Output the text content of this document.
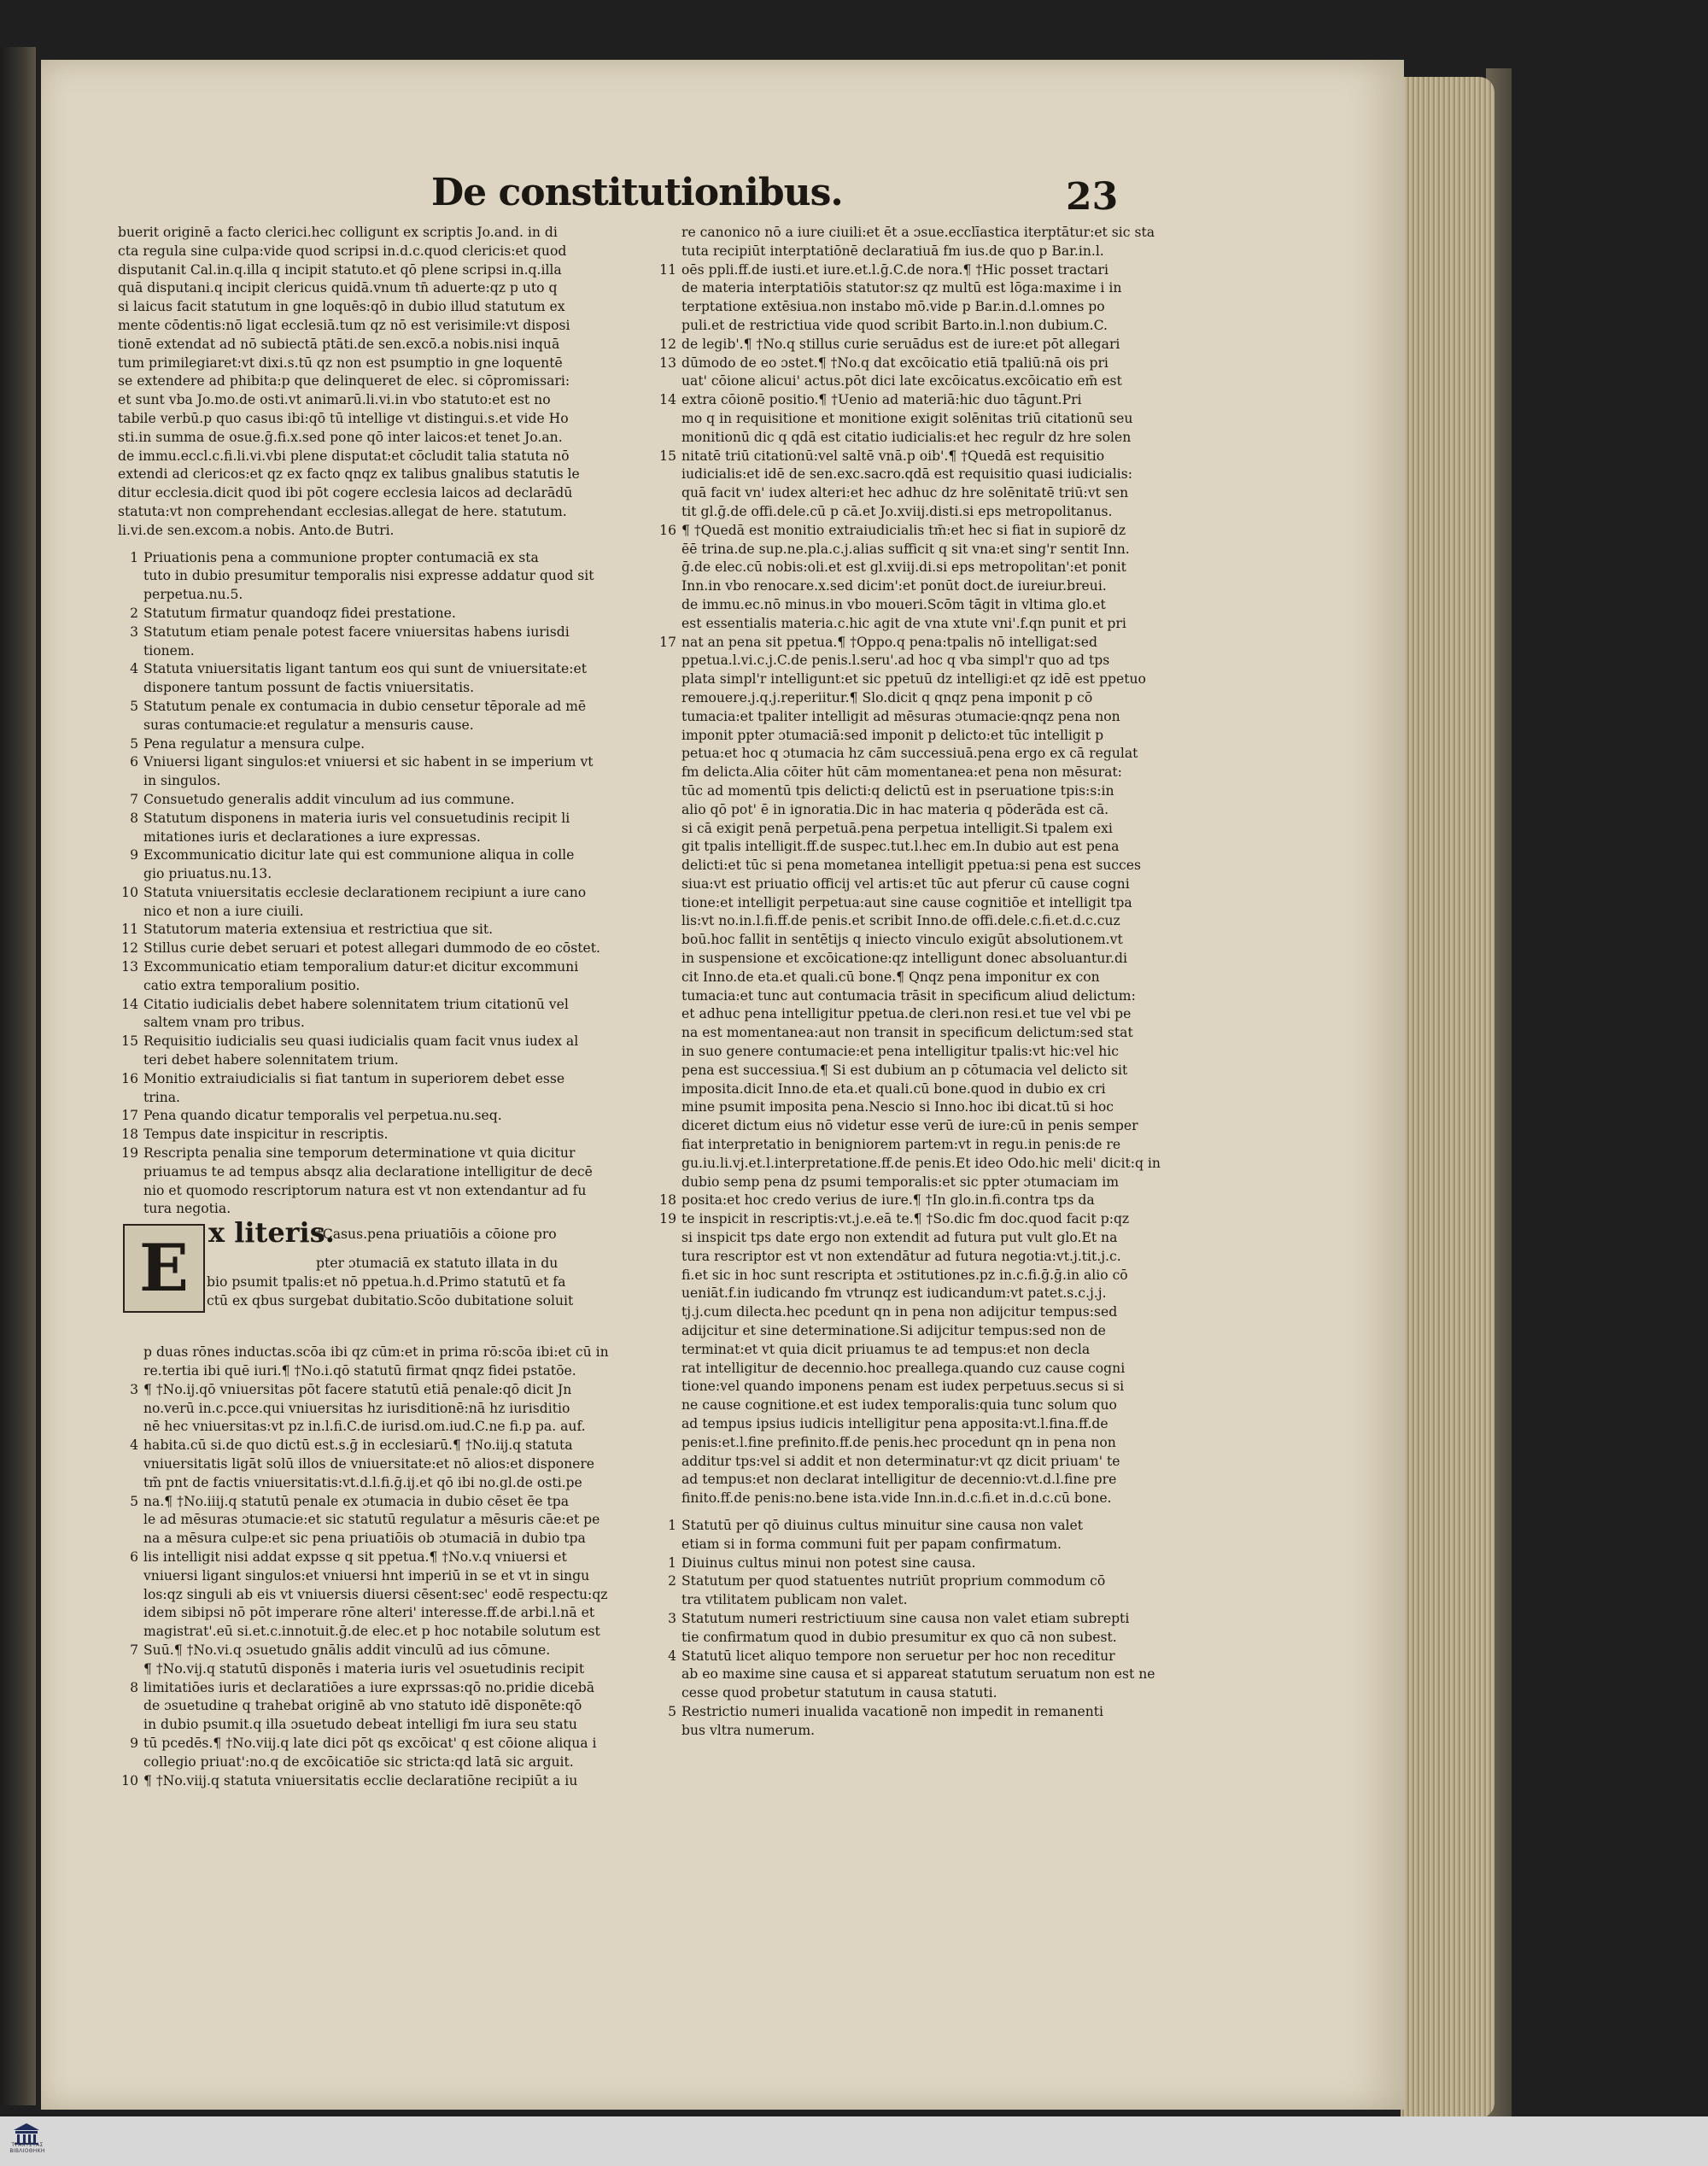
De constitutionibus.	23
buerit originē a facto clerici.hec colligunt ex scriptis Jo.and. in di
cta regula sine culpa:vide quod scripsi in.d.c.quod clericis:et quod
disputanit Cal.in.q.illa q incipit statuto.et qō plene scripsi in.q.illa
quā disputani.q incipit clericus quidā.vnum tn̄ aduerte:qz p uto q
si laicus facit statutum in gne loquēs:qō in dubio illud statutum ex
mente cōdentis:nō ligat ecclesiā.tum qz nō est verisimile:vt disposi
tionē extendat ad nō subiectā ptāti.de sen.excō.a nobis.nisi inquā
tum primilegiaret:vt dixi.s.tū qz non est psumptio in gne loquentē
se extendere ad phibita:p que delinqueret de elec. si cōpromissari:
et sunt vba Jo.mo.de osti.vt animarū.li.vi.in vbo statuto:et est no
tabile verbū.p quo casus ibi:qō tū intellige vt distingui.s.et vide Ho
sti.in summa de osue.ḡ.fi.x.sed pone qō inter laicos:et tenet Jo.an.
de immu.eccl.c.fi.li.vi.vbi plene disputat:et cōcludit talia statuta nō
extendi ad clericos:et qz ex facto qnqz ex talibus gnalibus statutis le
ditur ecclesia.dicit quod ibi pōt cogere ecclesia laicos ad declarādū
statuta:vt non comprehendant ecclesias.allegat de here. statutum.
li.vi.de sen.excom.a nobis. Anto.de Butri.
1 Priuationis pena a communione propter contumaciā ex sta
tuto in dubio presumitur temporalis nisi expresse addatur quod sit
perpetua.nu.5.
2 Statutum firmatur quandoqz fidei prestatione.
3 Statutum etiam penale potest facere vniuersitas habens iurisdi
tionem.
4 Statuta vniuersitatis ligant tantum eos qui sunt de vniuersitate:et
disponere tantum possunt de factis vniuersitatis.
5 Statutum penale ex contumacia in dubio censetur tēporale ad mē
suras contumacie:et regulatur a mensuris cause.
5 Pena regulatur a mensura culpe.
6 Vniuersi ligant singulos:et vniuersi et sic habent in se imperium vt
in singulos.
7 Consuetudo generalis addit vinculum ad ius commune.
8 Statutum disponens in materia iuris vel consuetudinis recipit li
mitationes iuris et declarationes a iure expressas.
9 Excommunicatio dicitur late qui est communione aliqua in colle
gio priuatus.nu.13.
10 Statuta vniuersitatis ecclesie declarationem recipiunt a iure cano
nico et non a iure ciuili.
11 Statutorum materia extensiua et restrictiua que sit.
12 Stillus curie debet seruari et potest allegari dummodo de eo cōstet.
13 Excommunicatio etiam temporalium datur:et dicitur excommuni
catio extra temporalium positio.
14 Citatio iudicialis debet habere solennitatem trium citationū vel
saltem vnam pro tribus.
15 Requisitio iudicialis seu quasi iudicialis quam facit vnus iudex al
teri debet habere solennitatem trium.
16 Monitio extraiudicialis si fiat tantum in superiorem debet esse
trina.
17 Pena quando dicatur temporalis vel perpetua.nu.seq.
18 Tempus date inspicitur in rescriptis.
19 Rescripta penalia sine temporum determinatione vt quia dicitur
priuamus te ad tempus absqz alia declaratione intelligitur de decē
nio et quomodo rescriptorum natura est vt non extendantur ad fu
tura negotia.
E x literis.
†Casus.pena priuatiōis a cōione pro
pter ɔtumaciā ex statuto illata in du
bio psumit tpalis:et nō ppetua.h.d.Primo statutū et fa
ctū ex qbus surgebat dubitatio.Scōo dubitatione soluit
p duas rōnes inductas.scōa ibi qz cūm:et in prima rō:scōa ibi:et cū in
re.tertia ibi quē iuri.¶ †No.i.qō statutū firmat qnqz fidei pstatōe.
3 ¶ †No.ij.qō vniuersitas pōt facere statutū etiā penale:qō dicit Jn
no.verū in.c.pcce.qui vniuersitas hz iurisditionē:nā hz iurisditio
nē hec vniuersitas:vt pz in.l.fi.C.de iurisd.om.iud.C.ne fi.p pa. auf.
4 habita.cū si.de quo dictū est.s.ḡ in ecclesiarū.¶ †No.iij.q statuta
vniuersitatis ligāt solū illos de vniuersitate:et nō alios:et disponere
tm̄ pnt de factis vniuersitatis:vt.d.l.fi.ḡ.ij.et qō ibi no.gl.de osti.pe
5 na.¶ †No.iiij.q statutū penale ex ɔtumacia in dubio cēset ēe tpa
le ad mēsuras ɔtumacie:et sic statutū regulatur a mēsuris cāe:et pe
na a mēsura culpe:et sic pena priuatiōis ob ɔtumaciā in dubio tpa
6 lis intelligit nisi addat expsse q sit ppetua.¶ †No.v.q vniuersi et
vniuersi ligant singulos:et vniuersi hnt imperiū in se et vt in singu
los:qz singuli ab eis vt vniuersis diuersi cēsent:sec' eodē respectu:qz
idem sibipsi nō pōt imperare rōne alteri' interesse.ff.de arbi.l.nā et
magistrat'.eū si.et.c.innotuit.ḡ.de elec.et p hoc notabile solutum est
7 Suū.¶ †No.vi.q ɔsuetudo gnālis addit vinculū ad ius cōmune.
¶ †No.vij.q statutū disponēs i materia iuris vel ɔsuetudinis recipit
8 limitatiōes iuris et declaratiōes a iure exprssas:qō no.pridie dicebā
de ɔsuetudine q trahebat originē ab vno statuto idē disponēte:qō
in dubio psumit.q illa ɔsuetudo debeat intelligi fm iura seu statu
9 tū pcedēs.¶ †No.viij.q late dici pōt qs excōicat' q est cōione aliqua i
collegio priuat':no.q de excōicatiōe sic stricta:qd latā sic arguit.
10 ¶ †No.viij.q statuta vniuersitatis ecclie declaratiōne recipiūt a iu
re canonico nō a iure ciuili:et ēt a ɔsue.ecclīastica iterptātur:et sic sta
tuta recipiūt interptatiōnē declaratiuā fm ius.de quo p Bar.in.l.
11 oēs ppli.ff.de iusti.et iure.et.l.ḡ.C.de nora.¶ †Hic posset tractari
de materia interptatiōis statutor:sz qz multū est lōga:maxime i in
terptatione extēsiua.non instabo mō.vide p Bar.in.d.l.omnes po
puli.et de restrictiua vide quod scribit Barto.in.l.non dubium.C.
12 de legib'.¶ †No.q stillus curie seruādus est de iure:et pōt allegari
13 dūmodo de eo ɔstet.¶ †No.q dat excōicatio etiā tpaliū:nā ois pri
uat' cōione alicui' actus.pōt dici late excōicatus.excōicatio em̄ est
14 extra cōionē positio.¶ †Uenio ad materiā:hic duo tāgunt.Pri
mo q in requisitione et monitione exigit solēnitas triū citationū seu
monitionū dic q qdā est citatio iudicialis:et hec regulr dz hre solen
15 nitatē triū citationū:vel saltē vnā.p oib'.¶ †Quedā est requisitio
iudicialis:et idē de sen.exc.sacro.qdā est requisitio quasi iudicialis:
quā facit vn' iudex alteri:et hec adhuc dz hre solēnitatē triū:vt sen
tit gl.ḡ.de offi.dele.cū p cā.et Jo.xviij.disti.si eps metropolitanus.
16 ¶ †Quedā est monitio extraiudicialis tm̄:et hec si fiat in supiorē dz
ēē trina.de sup.ne.pla.c.j.alias sufficit q sit vna:et sing'r sentit Inn.
ḡ.de elec.cū nobis:oli.et est gl.xviij.di.si eps metropolitan':et ponit
Inn.in vbo renocare.x.sed dicim':et ponūt doct.de iureiur.breui.
de immu.ec.nō minus.in vbo moueri.Scōm tāgit in vltima glo.et
est essentialis materia.c.hic agit de vna xtute vni'.f.qn punit et pri
17 nat an pena sit ppetua.¶ †Oppo.q pena:tpalis nō intelligat:sed
ppetua.l.vi.c.j.C.de penis.l.seru'.ad hoc q vba simpl'r quo ad tps
plata simpl'r intelligunt:et sic ppetuū dz intelligi:et qz idē est ppetuo
remouere.j.q.j.reperiitur.¶ Slo.dicit q qnqz pena imponit p cō
tumacia:et tpaliter intelligit ad mēsuras ɔtumacie:qnqz pena non
imponit ppter ɔtumaciā:sed imponit p delicto:et tūc intelligit p
petua:et hoc q ɔtumacia hz cām successiuā.pena ergo ex cā regulat
fm delicta.Alia cōiter hūt cām momentanea:et pena non mēsurat:
tūc ad momentū tpis delicti:q delictū est in pseruatione tpis:s:in
alio qō pot' ē in ignoratia.Dic in hac materia q pōderāda est cā.
si cā exigit penā perpetuā.pena perpetua intelligit.Si tpalem exi
git tpalis intelligit.ff.de suspec.tut.l.hec em.In dubio aut est pena
delicti:et tūc si pena mometanea intelligit ppetua:si pena est succes
siua:vt est priuatio officij vel artis:et tūc aut pferur cū cause cogni
tione:et intelligit perpetua:aut sine cause cognitiōe et intelligit tpa
lis:vt no.in.l.fi.ff.de penis.et scribit Inno.de offi.dele.c.fi.et.d.c.cuz
boū.hoc fallit in sentētijs q iniecto vinculo exigūt absolutionem.vt
in suspensione et excōicatione:qz intelligunt donec absoluantur.di
cit Inno.de eta.et quali.cū bone.¶ Qnqz pena imponitur ex con
tumacia:et tunc aut contumacia trāsit in specificum aliud delictum:
et adhuc pena intelligitur ppetua.de cleri.non resi.et tue vel vbi pe
na est momentanea:aut non transit in specificum delictum:sed stat
in suo genere contumacie:et pena intelligitur tpalis:vt hic:vel hic
pena est successiua.¶ Si est dubium an p cōtumacia vel delicto sit
imposita.dicit Inno.de eta.et quali.cū bone.quod in dubio ex cri
mine psumit imposita pena.Nescio si Inno.hoc ibi dicat.tū si hoc
diceret dictum eius nō videtur esse verū de iure:cū in penis semper
fiat interpretatio in benigniorem partem:vt in regu.in penis:de re
gu.iu.li.vj.et.l.interpretatione.ff.de penis.Et ideo Odo.hic meli' dicit:q in
dubio semp pena dz psumi temporalis:et sic ppter ɔtumaciam im
18 posita:et hoc credo verius de iure.¶ †In glo.in.fi.contra tps da
19 te inspicit in rescriptis:vt.j.e.eā te.¶ †So.dic fm doc.quod facit p:qz
si inspicit tps date ergo non extendit ad futura put vult glo.Et na
tura rescriptor est vt non extendātur ad futura negotia:vt.j.tit.j.c.
fi.et sic in hoc sunt rescripta et ɔstitutiones.pz in.c.fi.ḡ.ḡ.in alio cō
ueniāt.f.in iudicando fm vtrunqz est iudicandum:vt patet.s.c.j.j.
tj.j.cum dilecta.hec pcedunt qn in pena non adijcitur tempus:sed
adijcitur et sine determinatione.Si adijcitur tempus:sed non de
terminat:et vt quia dicit priuamus te ad tempus:et non decla
rat intelligitur de decennio.hoc preallega.quando cuz cause cogni
tione:vel quando imponens penam est iudex perpetuus.secus si si
ne cause cognitione.et est iudex temporalis:quia tunc solum quo
ad tempus ipsius iudicis intelligitur pena apposita:vt.l.fina.ff.de
penis:et.l.fine prefinito.ff.de penis.hec procedunt qn in pena non
additur tps:vel si addit et non determinatur:vt qz dicit priuam' te
ad tempus:et non declarat intelligitur de decennio:vt.d.l.fine pre
finito.ff.de penis:no.bene ista.vide Inn.in.d.c.fi.et in.d.c.cū bone.
1 Statutū per qō diuinus cultus minuitur sine causa non valet
etiam si in forma communi fuit per papam confirmatum.
1 Diuinus cultus minui non potest sine causa.
2 Statutum per quod statuentes nutriūt proprium commodum cō
tra vtilitatem publicam non valet.
3 Statutum numeri restrictiuum sine causa non valet etiam subrepti
tie confirmatum quod in dubio presumitur ex quo cā non subest.
4 Statutū licet aliquo tempore non seruetur per hoc non receditur
ab eo maxime sine causa et si appareat statutum seruatum non est ne
cesse quod probetur statutum in causa statuti.
5 Restrictio numeri inualida vacationē non impedit in remanenti
bus vltra numerum.
ΤΡΑΧΥΣΤΑΣ ΒΙΒΛΙΟΘΗΚΗ
